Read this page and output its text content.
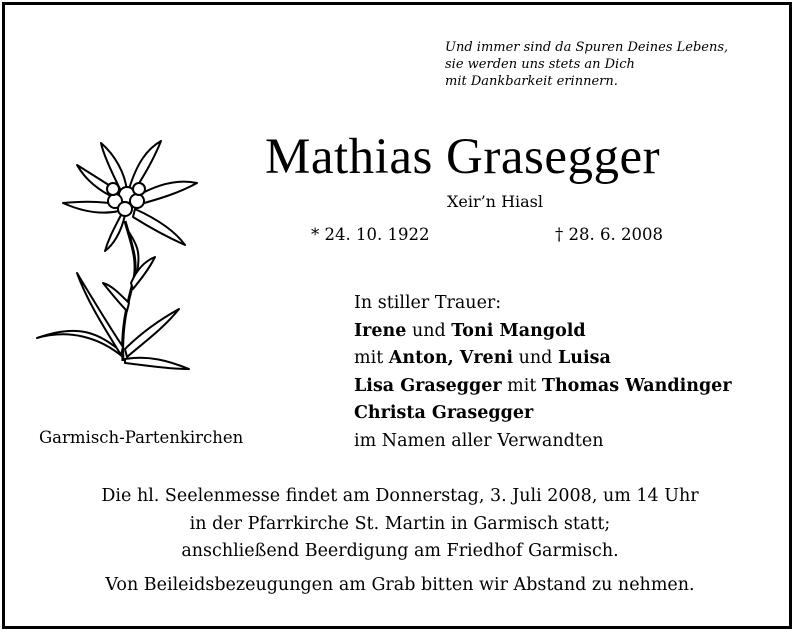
Und immer sind da Spuren Deines Lebens,
sie werden uns stets an Dich
mit Dankbarkeit erinnern.
Mathias Grasegger
Xeir’n Hiasl
* 24. 10. 1922	† 28. 6. 2008
Garmisch-Partenkirchen
In stiller Trauer:
Irene und Toni Mangold
mit Anton, Vreni und Luisa
Lisa Grasegger mit Thomas Wandinger
Christa Grasegger
im Namen aller Verwandten
Die hl. Seelenmesse findet am Donnerstag, 3. Juli 2008, um 14 Uhr
in der Pfarrkirche St. Martin in Garmisch statt;
anschließend Beerdigung am Friedhof Garmisch.
Von Beileidsbezeugungen am Grab bitten wir Abstand zu nehmen.
